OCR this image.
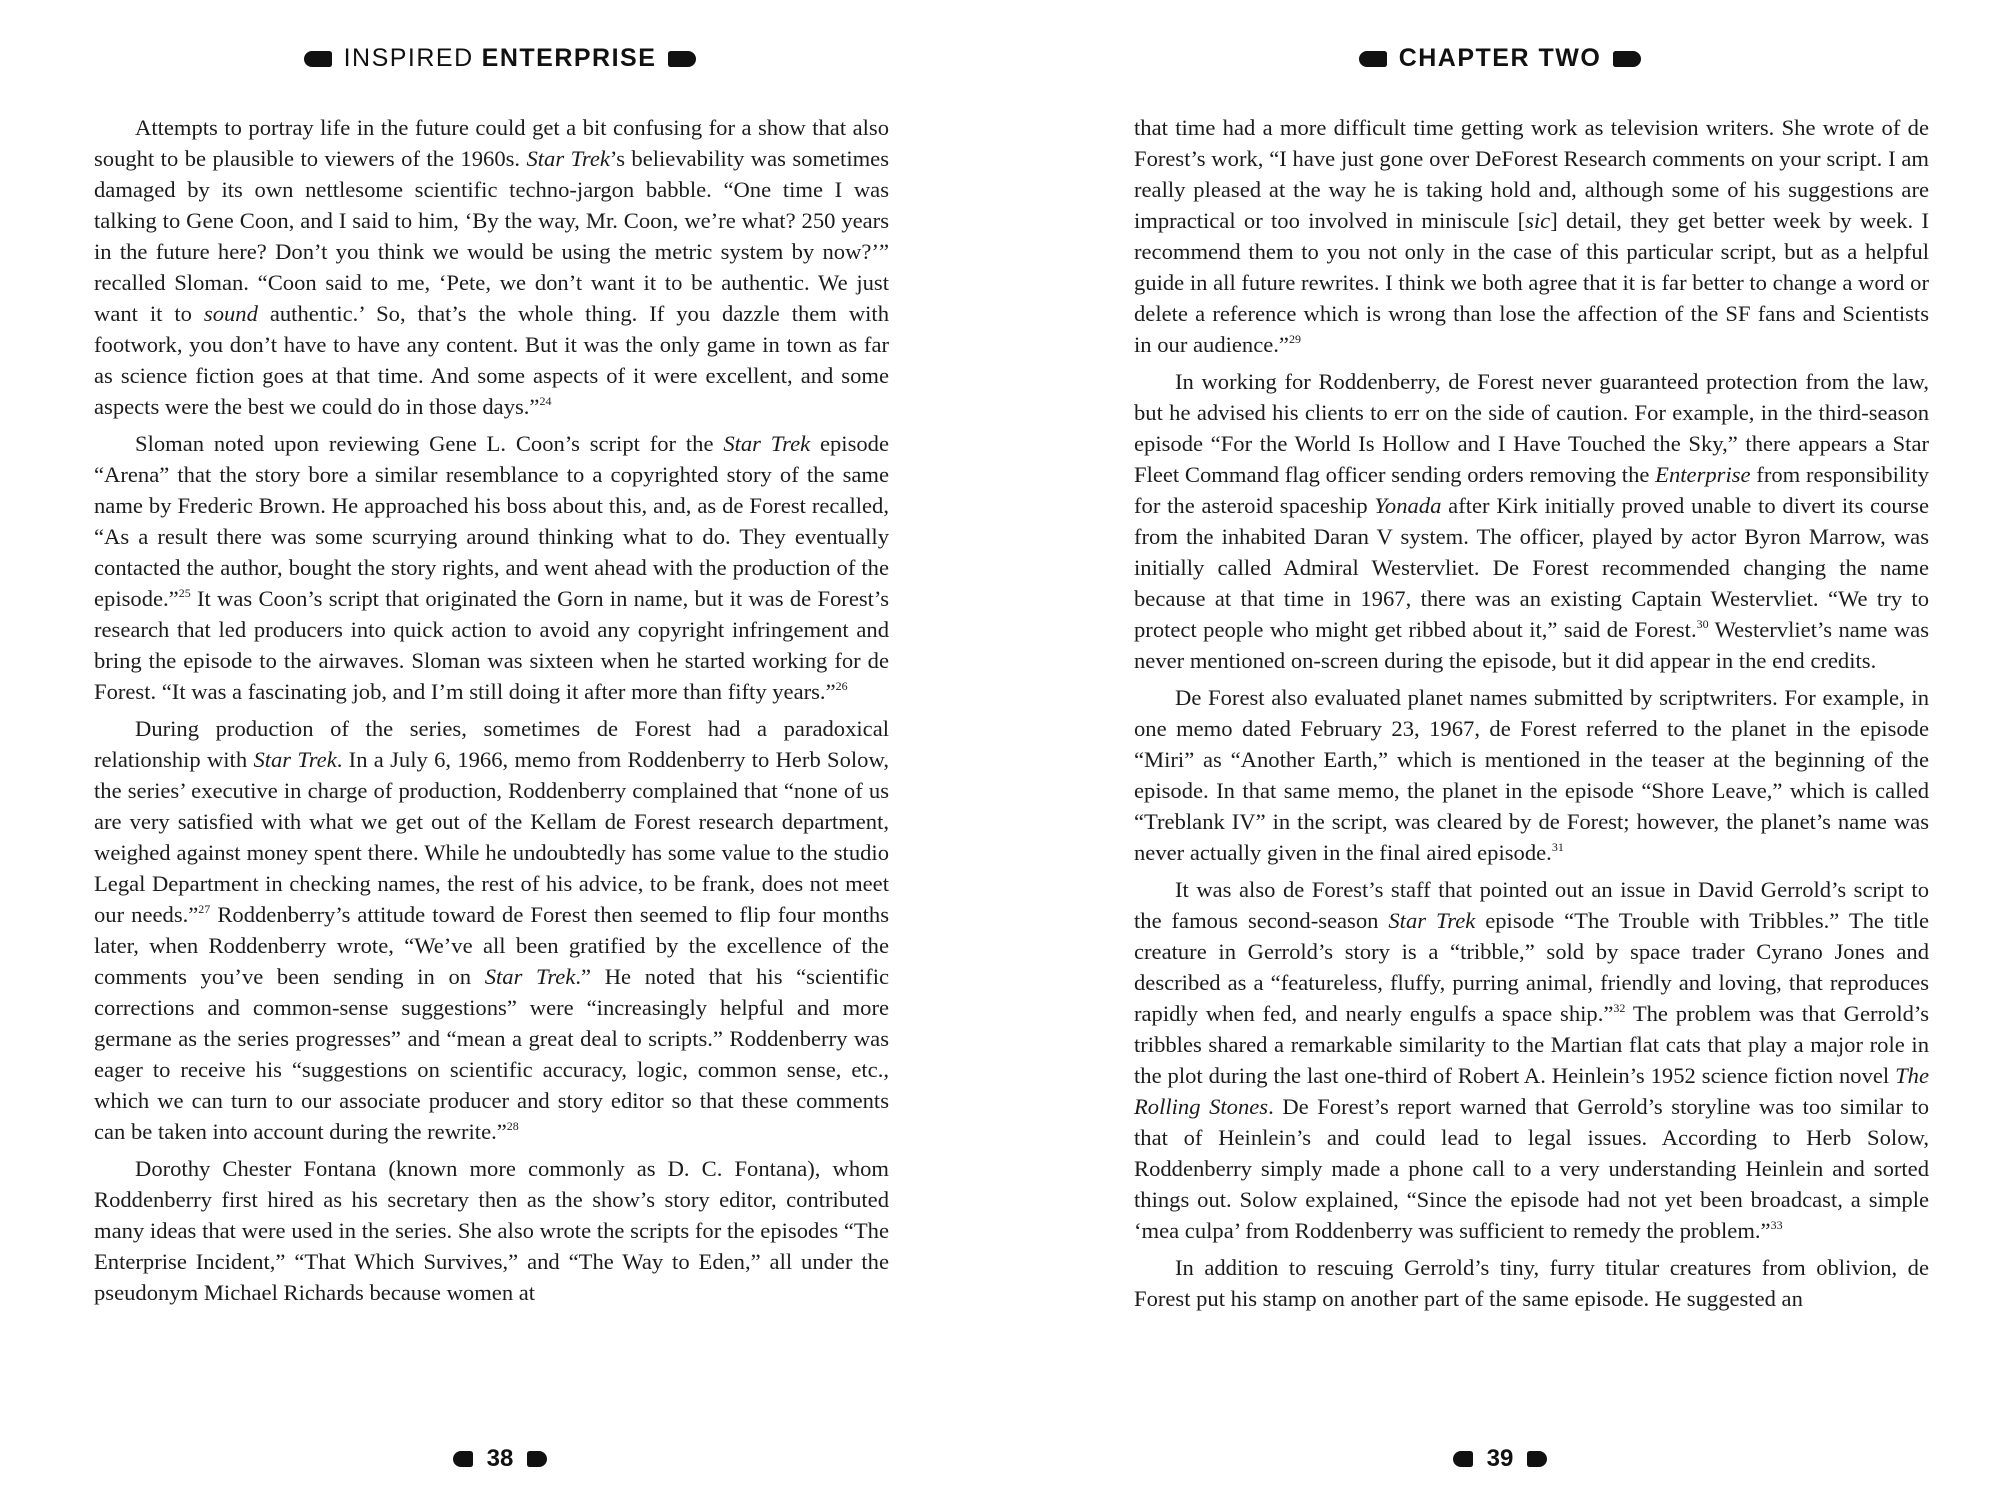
INSPIRED ENTERPRISE

Attempts to portray life in the future could get a bit confusing for a show that also sought to be plausible to viewers of the 1960s. Star Trek’s believability was sometimes damaged by its own nettlesome scientific techno-jargon babble. “One time I was talking to Gene Coon, and I said to him, ‘By the way, Mr. Coon, we’re what? 250 years in the future here? Don’t you think we would be using the metric system by now?’” recalled Sloman. “Coon said to me, ‘Pete, we don’t want it to be authentic. We just want it to sound authentic.’ So, that’s the whole thing. If you dazzle them with footwork, you don’t have to have any content. But it was the only game in town as far as science fiction goes at that time. And some aspects of it were excellent, and some aspects were the best we could do in those days.”$^{24}$

Sloman noted upon reviewing Gene L. Coon’s script for the Star Trek episode “Arena” that the story bore a similar resemblance to a copyrighted story of the same name by Frederic Brown. He approached his boss about this, and, as de Forest recalled, “As a result there was some scurrying around thinking what to do. They eventually contacted the author, bought the story rights, and went ahead with the production of the episode.”$^{25}$ It was Coon’s script that originated the Gorn in name, but it was de Forest’s research that led producers into quick action to avoid any copyright infringement and bring the episode to the airwaves. Sloman was sixteen when he started working for de Forest. “It was a fascinating job, and I’m still doing it after more than fifty years.”$^{26}$

During production of the series, sometimes de Forest had a paradoxical relationship with Star Trek. In a July 6, 1966, memo from Roddenberry to Herb Solow, the series’ executive in charge of production, Roddenberry complained that “none of us are very satisfied with what we get out of the Kellam de Forest research department, weighed against money spent there. While he undoubtedly has some value to the studio Legal Department in checking names, the rest of his advice, to be frank, does not meet our needs.”$^{27}$ Roddenberry’s attitude toward de Forest then seemed to flip four months later, when Roddenberry wrote, “We’ve all been gratified by the excellence of the comments you’ve been sending in on Star Trek.” He noted that his “scientific corrections and common-sense suggestions” were “increasingly helpful and more germane as the series progresses” and “mean a great deal to scripts.” Roddenberry was eager to receive his “suggestions on scientific accuracy, logic, common sense, etc., which we can turn to our associate producer and story editor so that these comments can be taken into account during the rewrite.”$^{28}$

Dorothy Chester Fontana (known more commonly as D. C. Fontana), whom Roddenberry first hired as his secretary then as the show’s story editor, contributed many ideas that were used in the series. She also wrote the scripts for the episodes “The Enterprise Incident,” “That Which Survives,” and “The Way to Eden,” all under the pseudonym Michael Richards because women at

38
CHAPTER TWO

that time had a more difficult time getting work as television writers. She wrote of de Forest’s work, “I have just gone over DeForest Research comments on your script. I am really pleased at the way he is taking hold and, although some of his suggestions are impractical or too involved in miniscule [sic] detail, they get better week by week. I recommend them to you not only in the case of this particular script, but as a helpful guide in all future rewrites. I think we both agree that it is far better to change a word or delete a reference which is wrong than lose the affection of the SF fans and Scientists in our audience.”$^{29}$

In working for Roddenberry, de Forest never guaranteed protection from the law, but he advised his clients to err on the side of caution. For example, in the third-season episode “For the World Is Hollow and I Have Touched the Sky,” there appears a Star Fleet Command flag officer sending orders removing the Enterprise from responsibility for the asteroid spaceship Yonada after Kirk initially proved unable to divert its course from the inhabited Daran V system. The officer, played by actor Byron Marrow, was initially called Admiral Westervliet. De Forest recommended changing the name because at that time in 1967, there was an existing Captain Westervliet. “We try to protect people who might get ribbed about it,” said de Forest.$^{30}$ Westervliet’s name was never mentioned on-screen during the episode, but it did appear in the end credits.

De Forest also evaluated planet names submitted by scriptwriters. For example, in one memo dated February 23, 1967, de Forest referred to the planet in the episode “Miri” as “Another Earth,” which is mentioned in the teaser at the beginning of the episode. In that same memo, the planet in the episode “Shore Leave,” which is called “Treblank IV” in the script, was cleared by de Forest; however, the planet’s name was never actually given in the final aired episode.$^{31}$

It was also de Forest’s staff that pointed out an issue in David Gerrold’s script to the famous second-season Star Trek episode “The Trouble with Tribbles.” The title creature in Gerrold’s story is a “tribble,” sold by space trader Cyrano Jones and described as a “featureless, fluffy, purring animal, friendly and loving, that reproduces rapidly when fed, and nearly engulfs a space ship.”$^{32}$ The problem was that Gerrold’s tribbles shared a remarkable similarity to the Martian flat cats that play a major role in the plot during the last one-third of Robert A. Heinlein’s 1952 science fiction novel The Rolling Stones. De Forest’s report warned that Gerrold’s storyline was too similar to that of Heinlein’s and could lead to legal issues. According to Herb Solow, Roddenberry simply made a phone call to a very understanding Heinlein and sorted things out. Solow explained, “Since the episode had not yet been broadcast, a simple ‘mea culpa’ from Roddenberry was sufficient to remedy the problem.”$^{33}$

In addition to rescuing Gerrold’s tiny, furry titular creatures from oblivion, de Forest put his stamp on another part of the same episode. He suggested an

39
